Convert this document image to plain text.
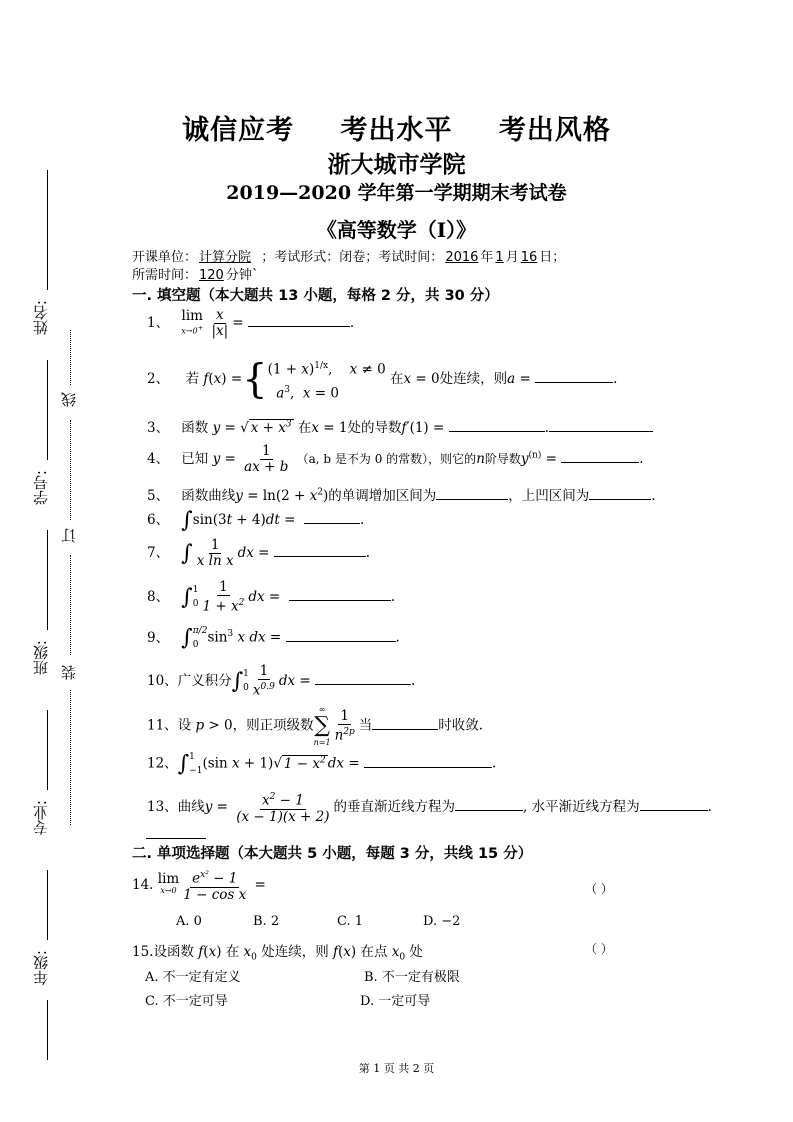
姓名:
学号:
班级:
专业:
年级:
线
订
装
诚信应考 考出水平 考出风格
浙大城市学院
2019—2020 学年第一学期期末考试卷
《高等数学（Ⅰ）》
开课单位： 计算分院 ；考试形式：闭卷；考试时间： 2016 年 1 月 16 日；
所需时间： 120 分钟`
一. 填空题（本大题共 13 小题，每格 2 分，共 30 分）
1、 lim
x→0+
$\frac{x}{|x|}$ =	.
2、 若 f(x) ={ $(1 + x)^{1/x}$,    x ≠ 0
$a^3$,  x = 0
在x = 0处连续，则a =	.
3、 函数 y = √ $x + x^3$ 在x = 1处的导数f′(1) =	.
4、 已知 $y = \frac{1}{ax + b} (a$, b 是不为 0 的常数），则它的n阶导数$y^{(n)}$ =	.
5、 函数曲线$y = \ln(2 + x^2)$的单调增加区间为	，上凹区间为	.
6、 ∫sin(3t + 4)dt =	.
7、 ∫ $\frac{1}{\text{x ln x}}$ dx =	.
8、 ∫ 1
$0 \frac{1}{1 + x^2}$ dx =	.
9、 ∫ π/2
0 $\sin^3 x$ dx =	.
10、广义积分∫ 1
$0 \frac{1}{x^{0.9}}$ dx =	.
11、设 p > 0，则正项级数
∞
∑
$n=1 \frac{1}{n^{2p}}$ 当	时收敛.
12、∫ 1
−1 (sin x + 1)√ $1 - x^2$ dx =	.
13、曲线$y = \frac{x^2 - 1}{(x - 1)(x + 2)}$ 的垂直渐近线方程为	, 水平渐近线方程为	.
二. 单项选择题（本大题共 5 小题，每题 3 分，共线 15 分）
14. lim
$x\to 0 \frac{e^{x^2} - 1}{\text{1 − cos x}}$ =	（ ）
A. 0	B. 2	C. 1	D. −2
15.设函数 f(x) 在 $x_0$ 处连续，则 f(x) 在点 $x_0$ 处	（ ）
A. 不一定有定义	B. 不一定有极限
C. 不一定可导	D. 一定可导
第 1 页 共 2 页
